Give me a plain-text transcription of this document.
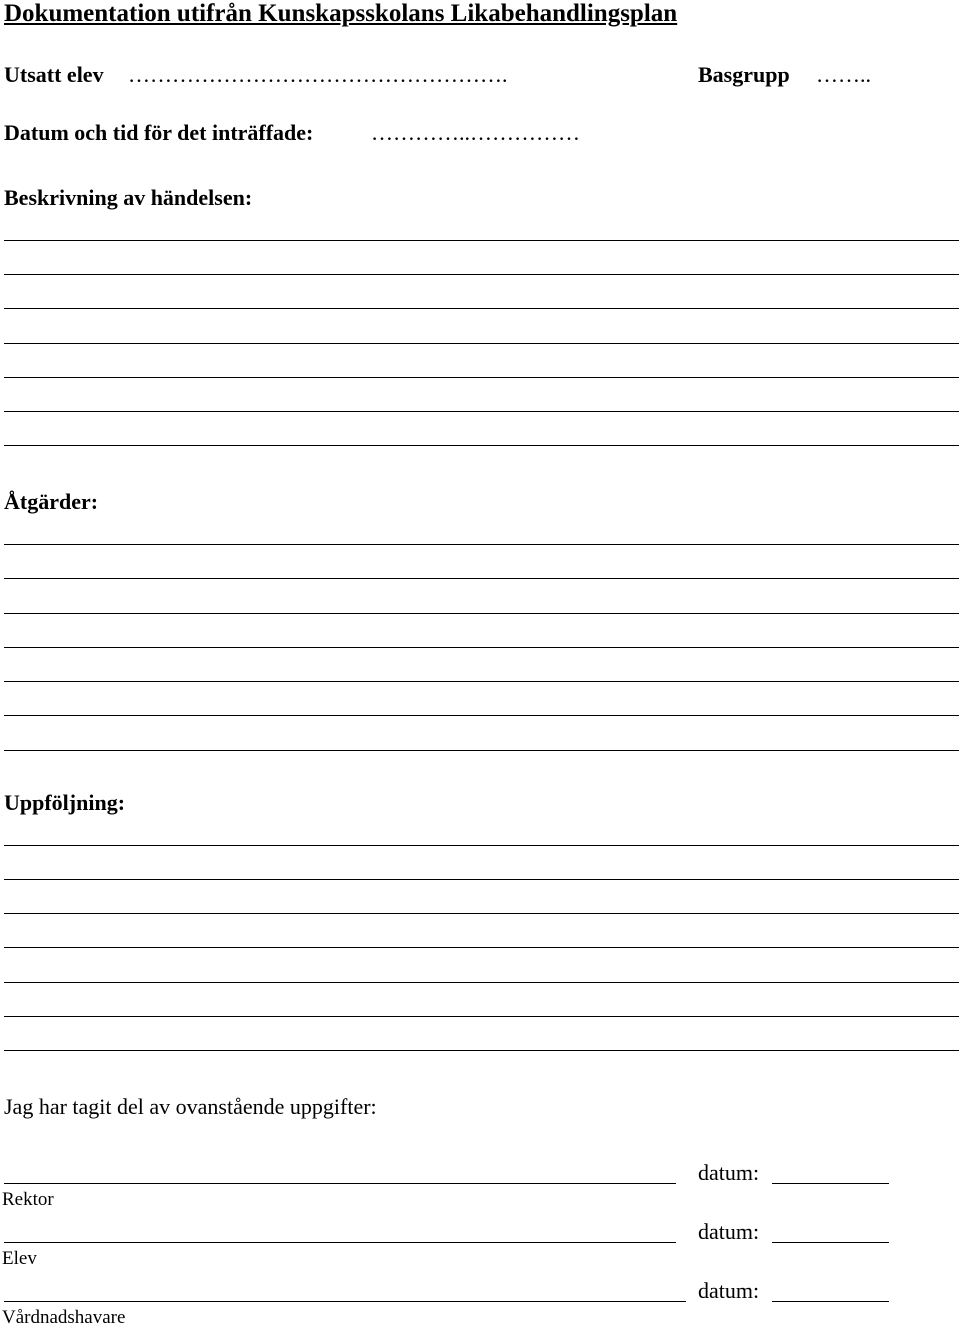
Dokumentation utifrån Kunskapsskolans Likabehandlingsplan
Utsatt elev …………………………………………….	Basgrupp ……..
Datum och tid för det inträffade:	…………..……………
Beskrivning av händelsen:
Åtgärder:
Uppföljning:
Jag har tagit del av ovanstående uppgifter:
datum:
Rektor
datum:
Elev
datum:
Vårdnadshavare
